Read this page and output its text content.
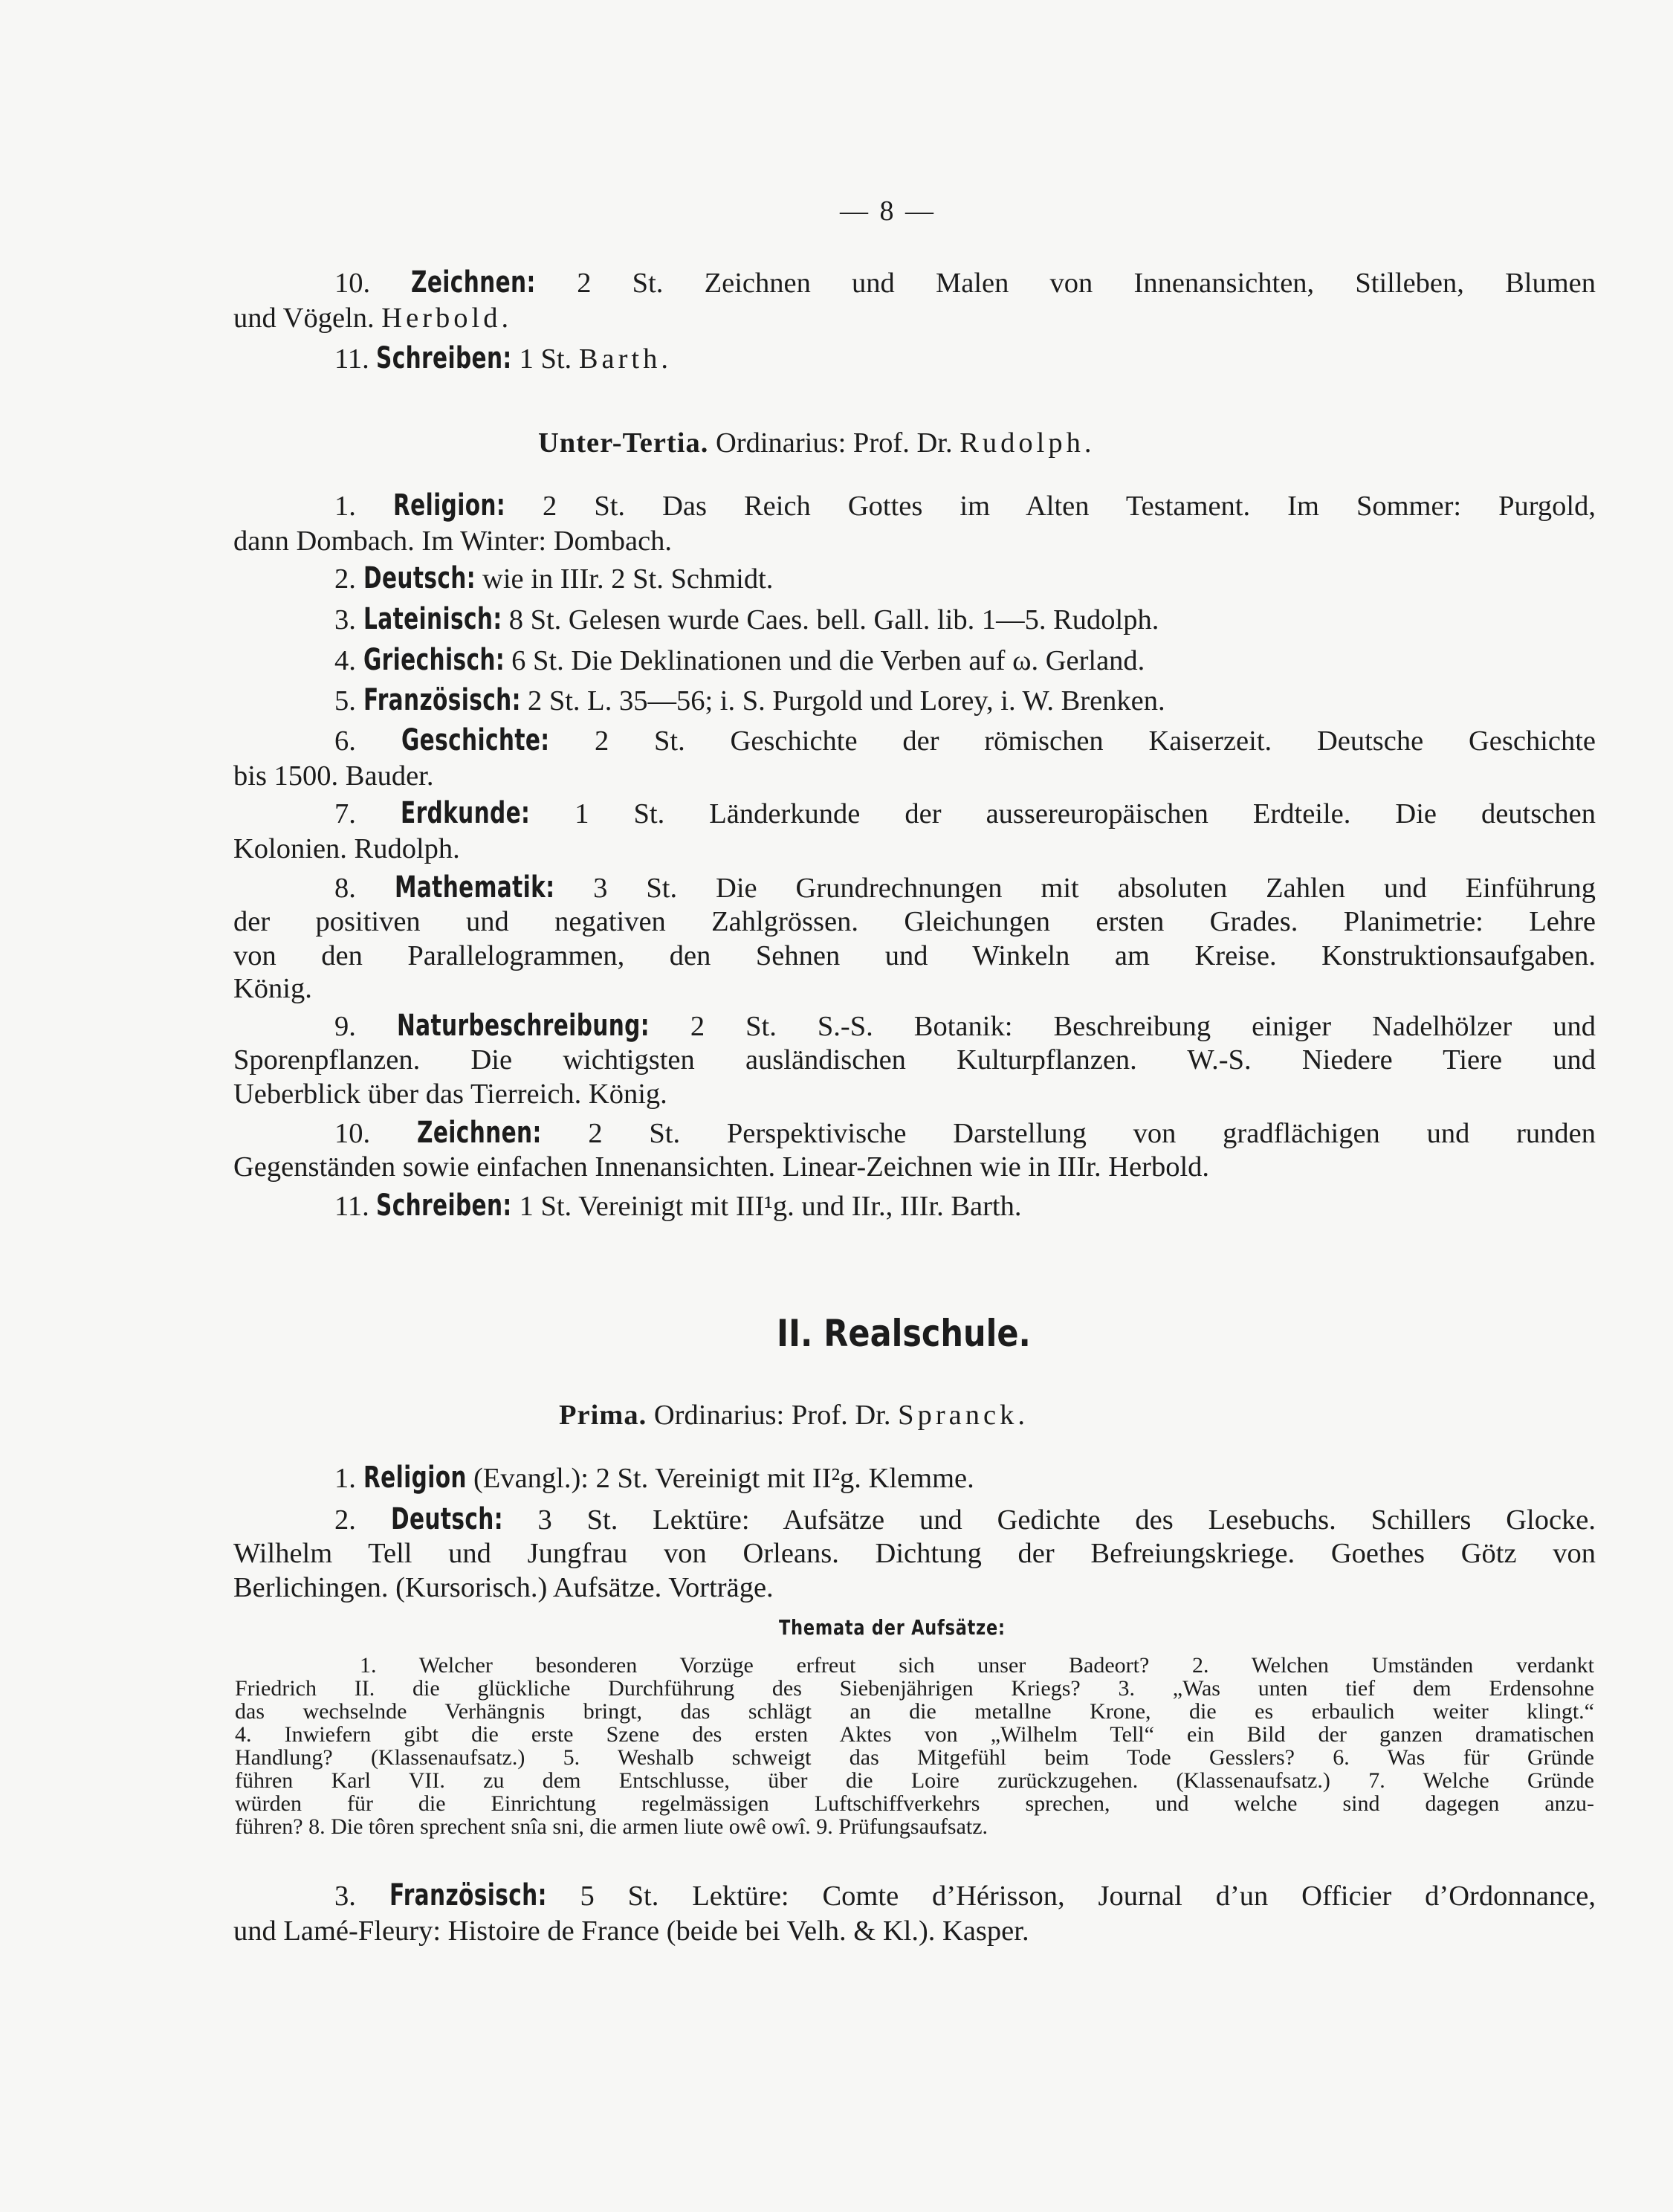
— 8 —
10. Zeichnen: 2 St. Zeichnen und Malen von Innenansichten, Stilleben, Blumen
und Vögeln. Herbold.
11. Schreiben: 1 St. Barth.
Unter-Tertia. Ordinarius: Prof. Dr. Rudolph.
1. Religion: 2 St. Das Reich Gottes im Alten Testament. Im Sommer: Purgold,
dann Dombach. Im Winter: Dombach.
2. Deutsch: wie in IIIr. 2 St. Schmidt.
3. Lateinisch: 8 St. Gelesen wurde Caes. bell. Gall. lib. 1—5. Rudolph.
4. Griechisch: 6 St. Die Deklinationen und die Verben auf ω. Gerland.
5. Französisch: 2 St. L. 35—56; i. S. Purgold und Lorey, i. W. Brenken.
6. Geschichte: 2 St. Geschichte der römischen Kaiserzeit. Deutsche Geschichte
bis 1500. Bauder.
7. Erdkunde: 1 St. Länderkunde der aussereuropäischen Erdteile. Die deutschen
Kolonien. Rudolph.
8. Mathematik: 3 St. Die Grundrechnungen mit absoluten Zahlen und Einführung
der positiven und negativen Zahlgrössen. Gleichungen ersten Grades. Planimetrie: Lehre
von den Parallelogrammen, den Sehnen und Winkeln am Kreise. Konstruktionsaufgaben.
König.
9. Naturbeschreibung: 2 St. S.-S. Botanik: Beschreibung einiger Nadelhölzer und
Sporenpflanzen. Die wichtigsten ausländischen Kulturpflanzen. W.-S. Niedere Tiere und
Ueberblick über das Tierreich. König.
10. Zeichnen: 2 St. Perspektivische Darstellung von gradflächigen und runden
Gegenständen sowie einfachen Innenansichten. Linear-Zeichnen wie in IIIr. Herbold.
11. Schreiben: 1 St. Vereinigt mit III¹g. und IIr., IIIr. Barth.
II. Realschule.
Prima. Ordinarius: Prof. Dr. Spranck.
1. Religion (Evangl.): 2 St. Vereinigt mit II²g. Klemme.
2. Deutsch: 3 St. Lektüre: Aufsätze und Gedichte des Lesebuchs. Schillers Glocke.
Wilhelm Tell und Jungfrau von Orleans. Dichtung der Befreiungskriege. Goethes Götz von
Berlichingen. (Kursorisch.) Aufsätze. Vorträge.
Themata der Aufsätze:
1. Welcher besonderen Vorzüge erfreut sich unser Badeort? 2. Welchen Umständen verdankt
Friedrich II. die glückliche Durchführung des Siebenjährigen Kriegs? 3. „Was unten tief dem Erdensohne
das wechselnde Verhängnis bringt, das schlägt an die metallne Krone, die es erbaulich weiter klingt.“
4. Inwiefern gibt die erste Szene des ersten Aktes von „Wilhelm Tell“ ein Bild der ganzen dramatischen
Handlung? (Klassenaufsatz.) 5. Weshalb schweigt das Mitgefühl beim Tode Gesslers? 6. Was für Gründe
führen Karl VII. zu dem Entschlusse, über die Loire zurückzugehen. (Klassenaufsatz.) 7. Welche Gründe
würden für die Einrichtung regelmässigen Luftschiffverkehrs sprechen, und welche sind dagegen anzu-
führen? 8. Die tôren sprechent snîa sni, die armen liute owê owî. 9. Prüfungsaufsatz.
3. Französisch: 5 St. Lektüre: Comte d’Hérisson, Journal d’un Officier d’Ordonnance,
und Lamé-Fleury: Histoire de France (beide bei Velh. & Kl.). Kasper.
